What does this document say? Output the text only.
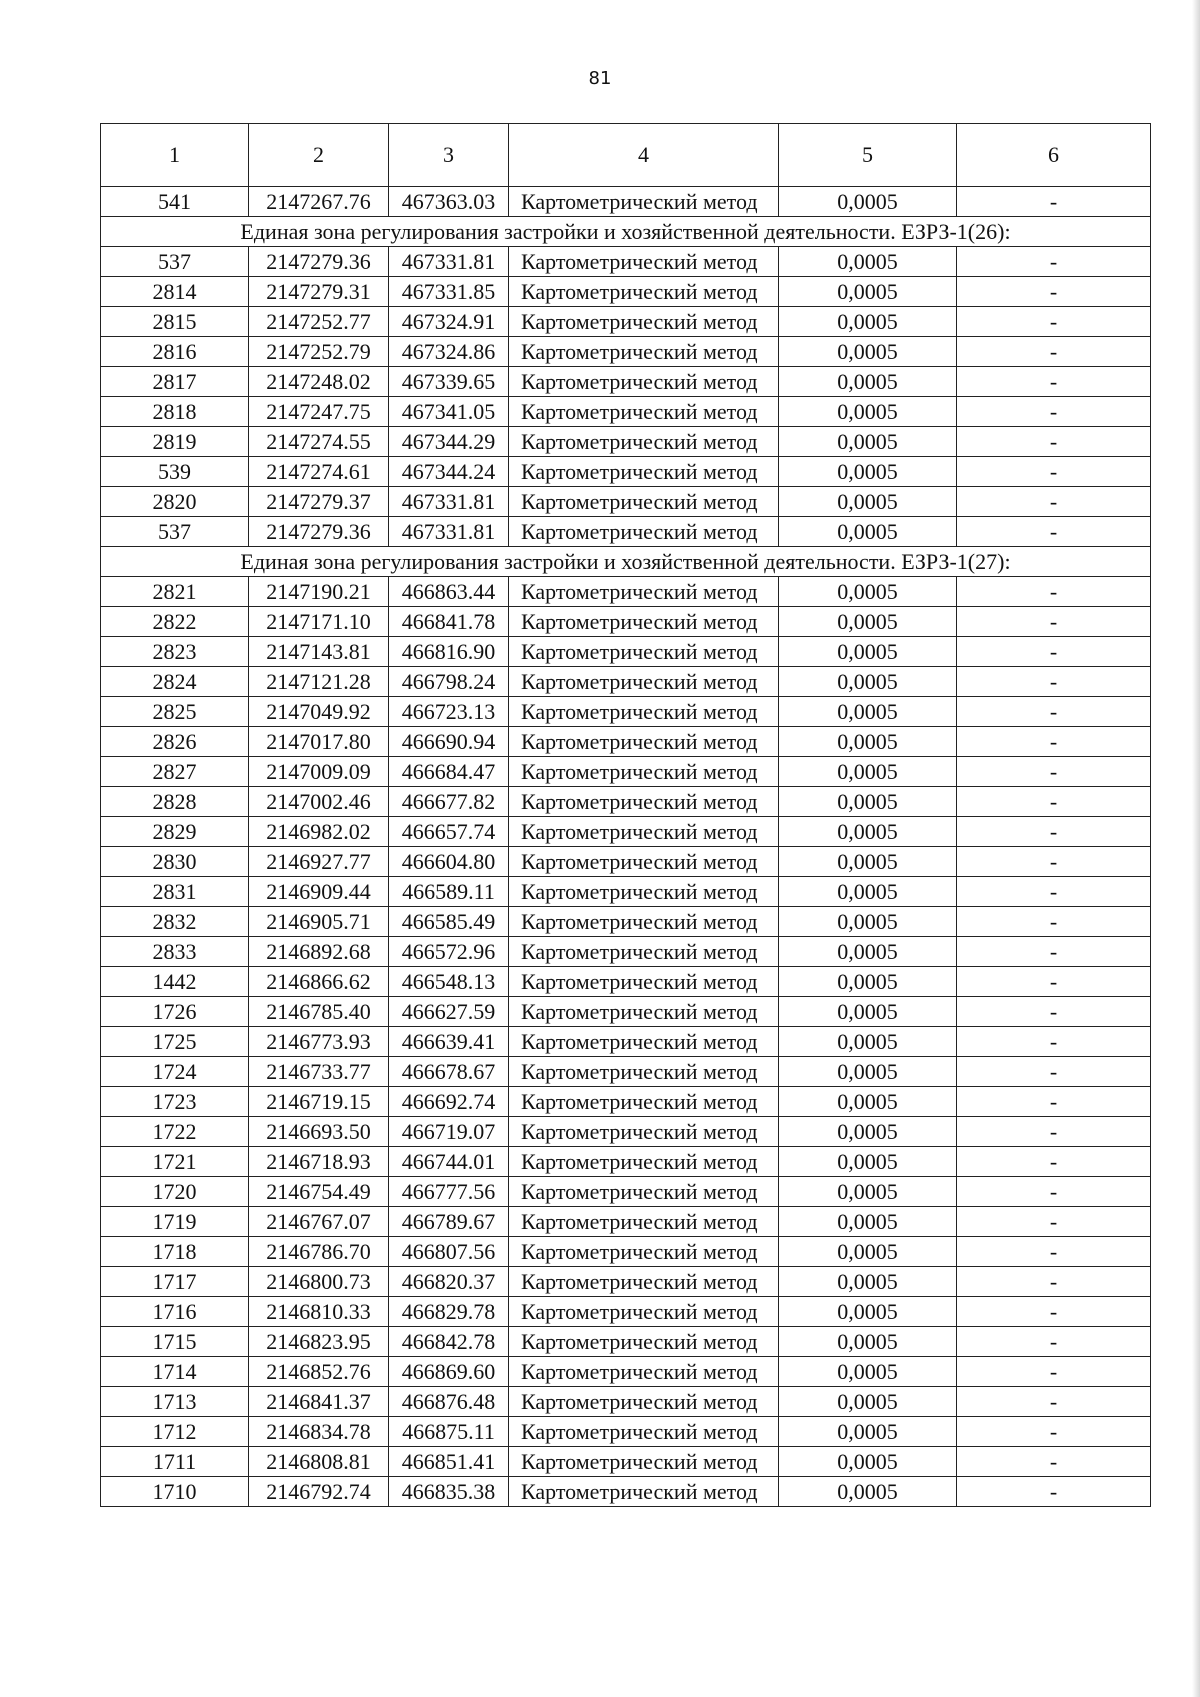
81
1	2	3	4	5	6
541	2147267.76	467363.03	Картометрический метод	0,0005	-
Единая зона регулирования застройки и хозяйственной деятельности. ЕЗРЗ-1(26):					
537	2147279.36	467331.81	Картометрический метод	0,0005	-
2814	2147279.31	467331.85	Картометрический метод	0,0005	-
2815	2147252.77	467324.91	Картометрический метод	0,0005	-
2816	2147252.79	467324.86	Картометрический метод	0,0005	-
2817	2147248.02	467339.65	Картометрический метод	0,0005	-
2818	2147247.75	467341.05	Картометрический метод	0,0005	-
2819	2147274.55	467344.29	Картометрический метод	0,0005	-
539	2147274.61	467344.24	Картометрический метод	0,0005	-
2820	2147279.37	467331.81	Картометрический метод	0,0005	-
537	2147279.36	467331.81	Картометрический метод	0,0005	-
Единая зона регулирования застройки и хозяйственной деятельности. ЕЗРЗ-1(27):					
2821	2147190.21	466863.44	Картометрический метод	0,0005	-
2822	2147171.10	466841.78	Картометрический метод	0,0005	-
2823	2147143.81	466816.90	Картометрический метод	0,0005	-
2824	2147121.28	466798.24	Картометрический метод	0,0005	-
2825	2147049.92	466723.13	Картометрический метод	0,0005	-
2826	2147017.80	466690.94	Картометрический метод	0,0005	-
2827	2147009.09	466684.47	Картометрический метод	0,0005	-
2828	2147002.46	466677.82	Картометрический метод	0,0005	-
2829	2146982.02	466657.74	Картометрический метод	0,0005	-
2830	2146927.77	466604.80	Картометрический метод	0,0005	-
2831	2146909.44	466589.11	Картометрический метод	0,0005	-
2832	2146905.71	466585.49	Картометрический метод	0,0005	-
2833	2146892.68	466572.96	Картометрический метод	0,0005	-
1442	2146866.62	466548.13	Картометрический метод	0,0005	-
1726	2146785.40	466627.59	Картометрический метод	0,0005	-
1725	2146773.93	466639.41	Картометрический метод	0,0005	-
1724	2146733.77	466678.67	Картометрический метод	0,0005	-
1723	2146719.15	466692.74	Картометрический метод	0,0005	-
1722	2146693.50	466719.07	Картометрический метод	0,0005	-
1721	2146718.93	466744.01	Картометрический метод	0,0005	-
1720	2146754.49	466777.56	Картометрический метод	0,0005	-
1719	2146767.07	466789.67	Картометрический метод	0,0005	-
1718	2146786.70	466807.56	Картометрический метод	0,0005	-
1717	2146800.73	466820.37	Картометрический метод	0,0005	-
1716	2146810.33	466829.78	Картометрический метод	0,0005	-
1715	2146823.95	466842.78	Картометрический метод	0,0005	-
1714	2146852.76	466869.60	Картометрический метод	0,0005	-
1713	2146841.37	466876.48	Картометрический метод	0,0005	-
1712	2146834.78	466875.11	Картометрический метод	0,0005	-
1711	2146808.81	466851.41	Картометрический метод	0,0005	-
1710	2146792.74	466835.38	Картометрический метод	0,0005	-
